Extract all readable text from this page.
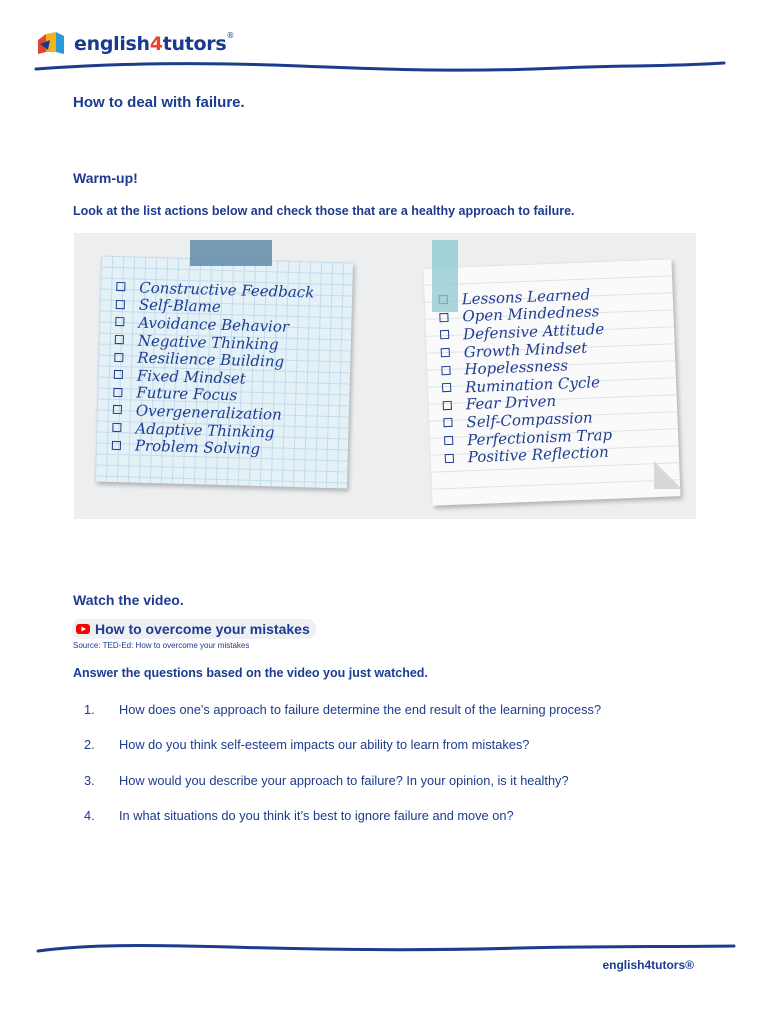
english4tutors®
How to deal with failure.
Warm-up!
Look at the list actions below and check those that are a healthy approach to failure.
Constructive Feedback
Self-Blame
Avoidance Behavior
Negative Thinking
Resilience Building
Fixed Mindset
Future Focus
Overgeneralization
Adaptive Thinking
Problem Solving
Lessons Learned
Open Mindedness
Defensive Attitude
Growth Mindset
Hopelessness
Rumination Cycle
Fear Driven
Self-Compassion
Perfectionism Trap
Positive Reflection
Watch the video.
How to overcome your mistakes
Source: TED-Ed: How to overcome your mistakes
Answer the questions based on the video you just watched.
1. How does one’s approach to failure determine the end result of the learning process?
2. How do you think self-esteem impacts our ability to learn from mistakes?
3. How would you describe your approach to failure? In your opinion, is it healthy?
4. In what situations do you think it’s best to ignore failure and move on?
english4tutors®
